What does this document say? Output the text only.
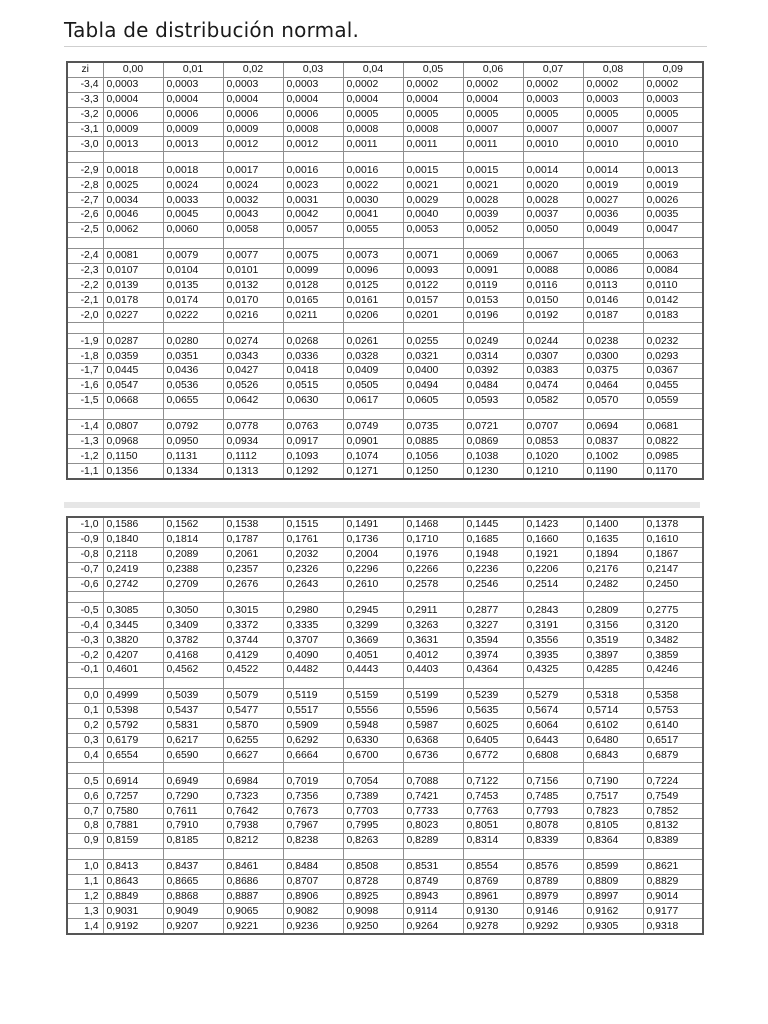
Tabla de distribución normal.
zi	0,00	0,01	0,02	0,03	0,04	0,05	0,06	0,07	0,08	0,09
-3,4	0,0003	0,0003	0,0003	0,0003	0,0002	0,0002	0,0002	0,0002	0,0002	0,0002
-3,3	0,0004	0,0004	0,0004	0,0004	0,0004	0,0004	0,0004	0,0003	0,0003	0,0003
-3,2	0,0006	0,0006	0,0006	0,0006	0,0005	0,0005	0,0005	0,0005	0,0005	0,0005
-3,1	0,0009	0,0009	0,0009	0,0008	0,0008	0,0008	0,0007	0,0007	0,0007	0,0007
-3,0	0,0013	0,0013	0,0012	0,0012	0,0011	0,0011	0,0011	0,0010	0,0010	0,0010

-2,9	0,0018	0,0018	0,0017	0,0016	0,0016	0,0015	0,0015	0,0014	0,0014	0,0013
-2,8	0,0025	0,0024	0,0024	0,0023	0,0022	0,0021	0,0021	0,0020	0,0019	0,0019
-2,7	0,0034	0,0033	0,0032	0,0031	0,0030	0,0029	0,0028	0,0028	0,0027	0,0026
-2,6	0,0046	0,0045	0,0043	0,0042	0,0041	0,0040	0,0039	0,0037	0,0036	0,0035
-2,5	0,0062	0,0060	0,0058	0,0057	0,0055	0,0053	0,0052	0,0050	0,0049	0,0047

-2,4	0,0081	0,0079	0,0077	0,0075	0,0073	0,0071	0,0069	0,0067	0,0065	0,0063
-2,3	0,0107	0,0104	0,0101	0,0099	0,0096	0,0093	0,0091	0,0088	0,0086	0,0084
-2,2	0,0139	0,0135	0,0132	0,0128	0,0125	0,0122	0,0119	0,0116	0,0113	0,0110
-2,1	0,0178	0,0174	0,0170	0,0165	0,0161	0,0157	0,0153	0,0150	0,0146	0,0142
-2,0	0,0227	0,0222	0,0216	0,0211	0,0206	0,0201	0,0196	0,0192	0,0187	0,0183

-1,9	0,0287	0,0280	0,0274	0,0268	0,0261	0,0255	0,0249	0,0244	0,0238	0,0232
-1,8	0,0359	0,0351	0,0343	0,0336	0,0328	0,0321	0,0314	0,0307	0,0300	0,0293
-1,7	0,0445	0,0436	0,0427	0,0418	0,0409	0,0400	0,0392	0,0383	0,0375	0,0367
-1,6	0,0547	0,0536	0,0526	0,0515	0,0505	0,0494	0,0484	0,0474	0,0464	0,0455
-1,5	0,0668	0,0655	0,0642	0,0630	0,0617	0,0605	0,0593	0,0582	0,0570	0,0559

-1,4	0,0807	0,0792	0,0778	0,0763	0,0749	0,0735	0,0721	0,0707	0,0694	0,0681
-1,3	0,0968	0,0950	0,0934	0,0917	0,0901	0,0885	0,0869	0,0853	0,0837	0,0822
-1,2	0,1150	0,1131	0,1112	0,1093	0,1074	0,1056	0,1038	0,1020	0,1002	0,0985
-1,1	0,1356	0,1334	0,1313	0,1292	0,1271	0,1250	0,1230	0,1210	0,1190	0,1170
-1,0	0,1586	0,1562	0,1538	0,1515	0,1491	0,1468	0,1445	0,1423	0,1400	0,1378
-0,9	0,1840	0,1814	0,1787	0,1761	0,1736	0,1710	0,1685	0,1660	0,1635	0,1610
-0,8	0,2118	0,2089	0,2061	0,2032	0,2004	0,1976	0,1948	0,1921	0,1894	0,1867
-0,7	0,2419	0,2388	0,2357	0,2326	0,2296	0,2266	0,2236	0,2206	0,2176	0,2147
-0,6	0,2742	0,2709	0,2676	0,2643	0,2610	0,2578	0,2546	0,2514	0,2482	0,2450

-0,5	0,3085	0,3050	0,3015	0,2980	0,2945	0,2911	0,2877	0,2843	0,2809	0,2775
-0,4	0,3445	0,3409	0,3372	0,3335	0,3299	0,3263	0,3227	0,3191	0,3156	0,3120
-0,3	0,3820	0,3782	0,3744	0,3707	0,3669	0,3631	0,3594	0,3556	0,3519	0,3482
-0,2	0,4207	0,4168	0,4129	0,4090	0,4051	0,4012	0,3974	0,3935	0,3897	0,3859
-0,1	0,4601	0,4562	0,4522	0,4482	0,4443	0,4403	0,4364	0,4325	0,4285	0,4246

0,0	0,4999	0,5039	0,5079	0,5119	0,5159	0,5199	0,5239	0,5279	0,5318	0,5358
0,1	0,5398	0,5437	0,5477	0,5517	0,5556	0,5596	0,5635	0,5674	0,5714	0,5753
0,2	0,5792	0,5831	0,5870	0,5909	0,5948	0,5987	0,6025	0,6064	0,6102	0,6140
0,3	0,6179	0,6217	0,6255	0,6292	0,6330	0,6368	0,6405	0,6443	0,6480	0,6517
0,4	0,6554	0,6590	0,6627	0,6664	0,6700	0,6736	0,6772	0,6808	0,6843	0,6879

0,5	0,6914	0,6949	0,6984	0,7019	0,7054	0,7088	0,7122	0,7156	0,7190	0,7224
0,6	0,7257	0,7290	0,7323	0,7356	0,7389	0,7421	0,7453	0,7485	0,7517	0,7549
0,7	0,7580	0,7611	0,7642	0,7673	0,7703	0,7733	0,7763	0,7793	0,7823	0,7852
0,8	0,7881	0,7910	0,7938	0,7967	0,7995	0,8023	0,8051	0,8078	0,8105	0,8132
0,9	0,8159	0,8185	0,8212	0,8238	0,8263	0,8289	0,8314	0,8339	0,8364	0,8389

1,0	0,8413	0,8437	0,8461	0,8484	0,8508	0,8531	0,8554	0,8576	0,8599	0,8621
1,1	0,8643	0,8665	0,8686	0,8707	0,8728	0,8749	0,8769	0,8789	0,8809	0,8829
1,2	0,8849	0,8868	0,8887	0,8906	0,8925	0,8943	0,8961	0,8979	0,8997	0,9014
1,3	0,9031	0,9049	0,9065	0,9082	0,9098	0,9114	0,9130	0,9146	0,9162	0,9177
1,4	0,9192	0,9207	0,9221	0,9236	0,9250	0,9264	0,9278	0,9292	0,9305	0,9318
